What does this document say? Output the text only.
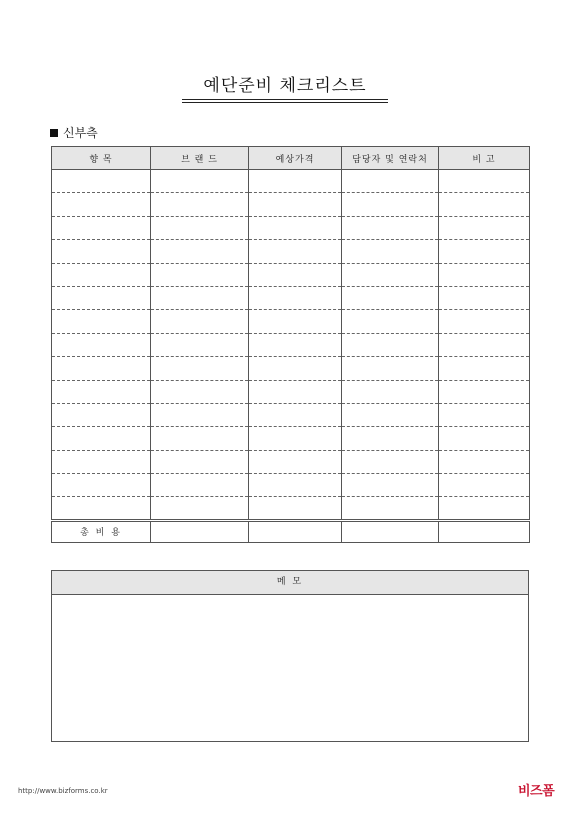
예단준비 체크리스트
신부측
향 목	브 랜 드	예상가격	담당자 및 연락처	비 고

총 비 용				
메 모
http://www.bizforms.co.kr	비즈폼
